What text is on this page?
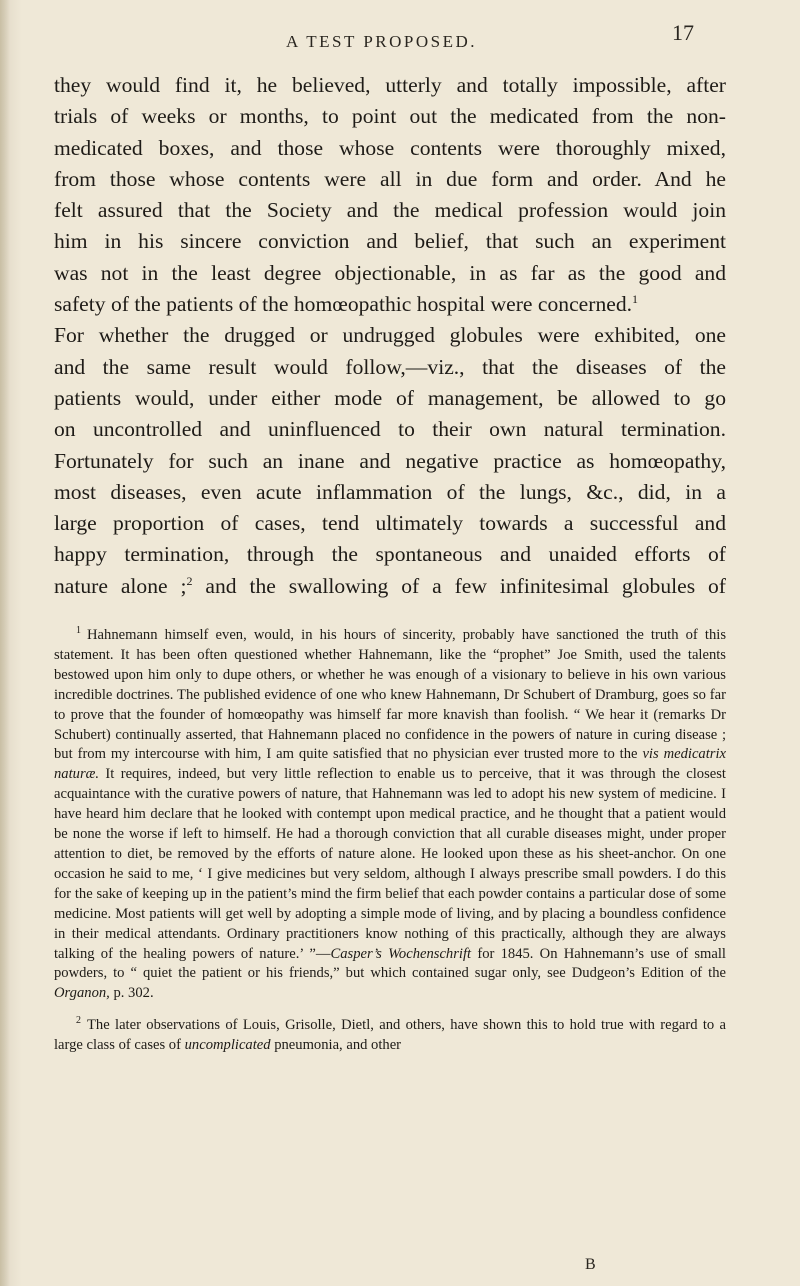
A TEST PROPOSED.	17
they would find it, he believed, utterly and totally impossible, after
trials of weeks or months, to point out the medicated from the non-
medicated boxes, and those whose contents were thoroughly mixed,
from those whose contents were all in due form and order. And he
felt assured that the Society and the medical profession would join
him in his sincere conviction and belief, that such an experiment
was not in the least degree objectionable, in as far as the good and
safety of the patients of the homœopathic hospital were concerned.$^1$
For whether the drugged or undrugged globules were exhibited, one
and the same result would follow,—viz., that the diseases of the
patients would, under either mode of management, be allowed to go
on uncontrolled and uninfluenced to their own natural termination.
Fortunately for such an inane and negative practice as homœopathy,
most diseases, even acute inflammation of the lungs, &c., did, in a
large proportion of cases, tend ultimately towards a successful and
happy termination, through the spontaneous and unaided efforts of
nature alone ;$^2$ and the swallowing of a few infinitesimal globules of

$^1$ Hahnemann himself even, would, in his hours of sincerity, probably have sanctioned the truth of this statement. It has been often questioned whether Hahnemann, like the “prophet” Joe Smith, used the talents bestowed upon him only to dupe others, or whether he was enough of a visionary to believe in his own various incredible doctrines. The published evidence of one who knew Hahnemann, Dr Schubert of Dramburg, goes so far to prove that the founder of homœopathy was himself far more knavish than foolish. “ We hear it (remarks Dr Schubert) continually asserted, that Hahnemann placed no confidence in the powers of nature in curing disease ; but from my intercourse with him, I am quite satisfied that no physician ever trusted more to the vis medicatrix naturæ. It requires, indeed, but very little reflection to enable us to perceive, that it was through the closest acquaintance with the curative powers of nature, that Hahnemann was led to adopt his new system of medicine. I have heard him declare that he looked with contempt upon medical practice, and he thought that a patient would be none the worse if left to himself. He had a thorough conviction that all curable diseases might, under proper attention to diet, be removed by the efforts of nature alone. He looked upon these as his sheet-anchor. On one occasion he said to me, ‘ I give medicines but very seldom, although I always prescribe small powders. I do this for the sake of keeping up in the patient’s mind the firm belief that each powder contains a particular dose of some medicine. Most patients will get well by adopting a simple mode of living, and by placing a boundless confidence in their medical attendants. Ordinary practitioners know nothing of this practically, although they are always talking of the healing powers of nature.’ ”—Casper’s Wochenschrift for 1845. On Hahnemann’s use of small powders, to “ quiet the patient or his friends,” but which contained sugar only, see Dudgeon’s Edition of the Organon, p. 302.

$^2$ The later observations of Louis, Grisolle, Dietl, and others, have shown this to hold true with regard to a large class of cases of uncomplicated pneumonia, and other

B
